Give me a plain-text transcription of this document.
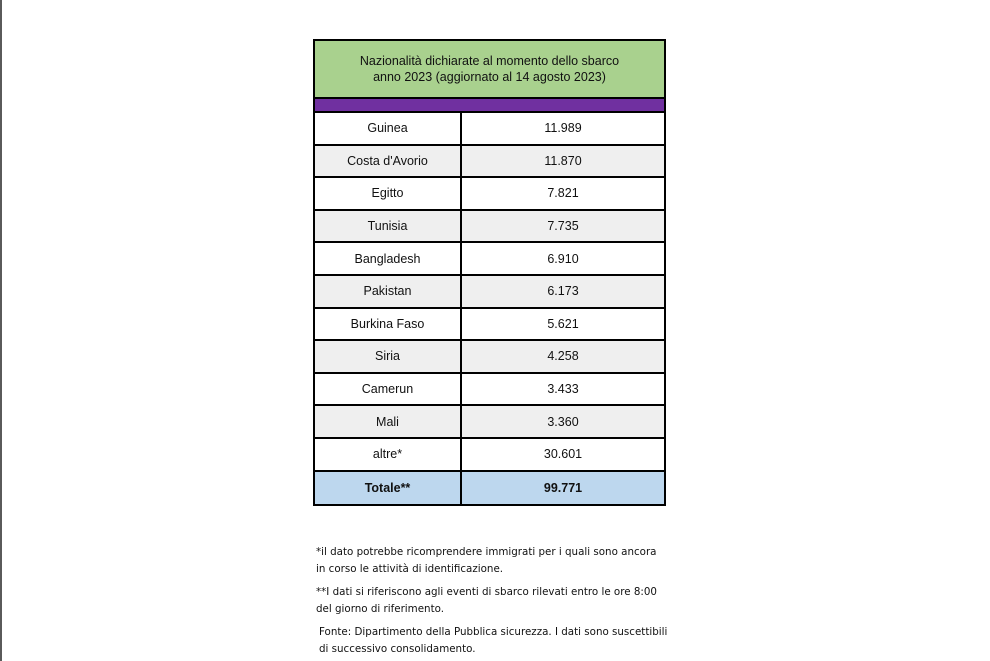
Nazionalità dichiarate al momento dello sbarco
anno 2023 (aggiornato al 14 agosto 2023)
Guinea	11.989
Costa d'Avorio	11.870
Egitto	7.821
Tunisia	7.735
Bangladesh	6.910
Pakistan	6.173
Burkina Faso	5.621
Siria	4.258
Camerun	3.433
Mali	3.360
altre*	30.601
Totale**	99.771
*il dato potrebbe ricomprendere immigrati per i quali sono ancora
in corso le attività di identificazione.
**I dati si riferiscono agli eventi di sbarco rilevati entro le ore 8:00
del giorno di riferimento.
Fonte: Dipartimento della Pubblica sicurezza. I dati sono suscettibili
di successivo consolidamento.
